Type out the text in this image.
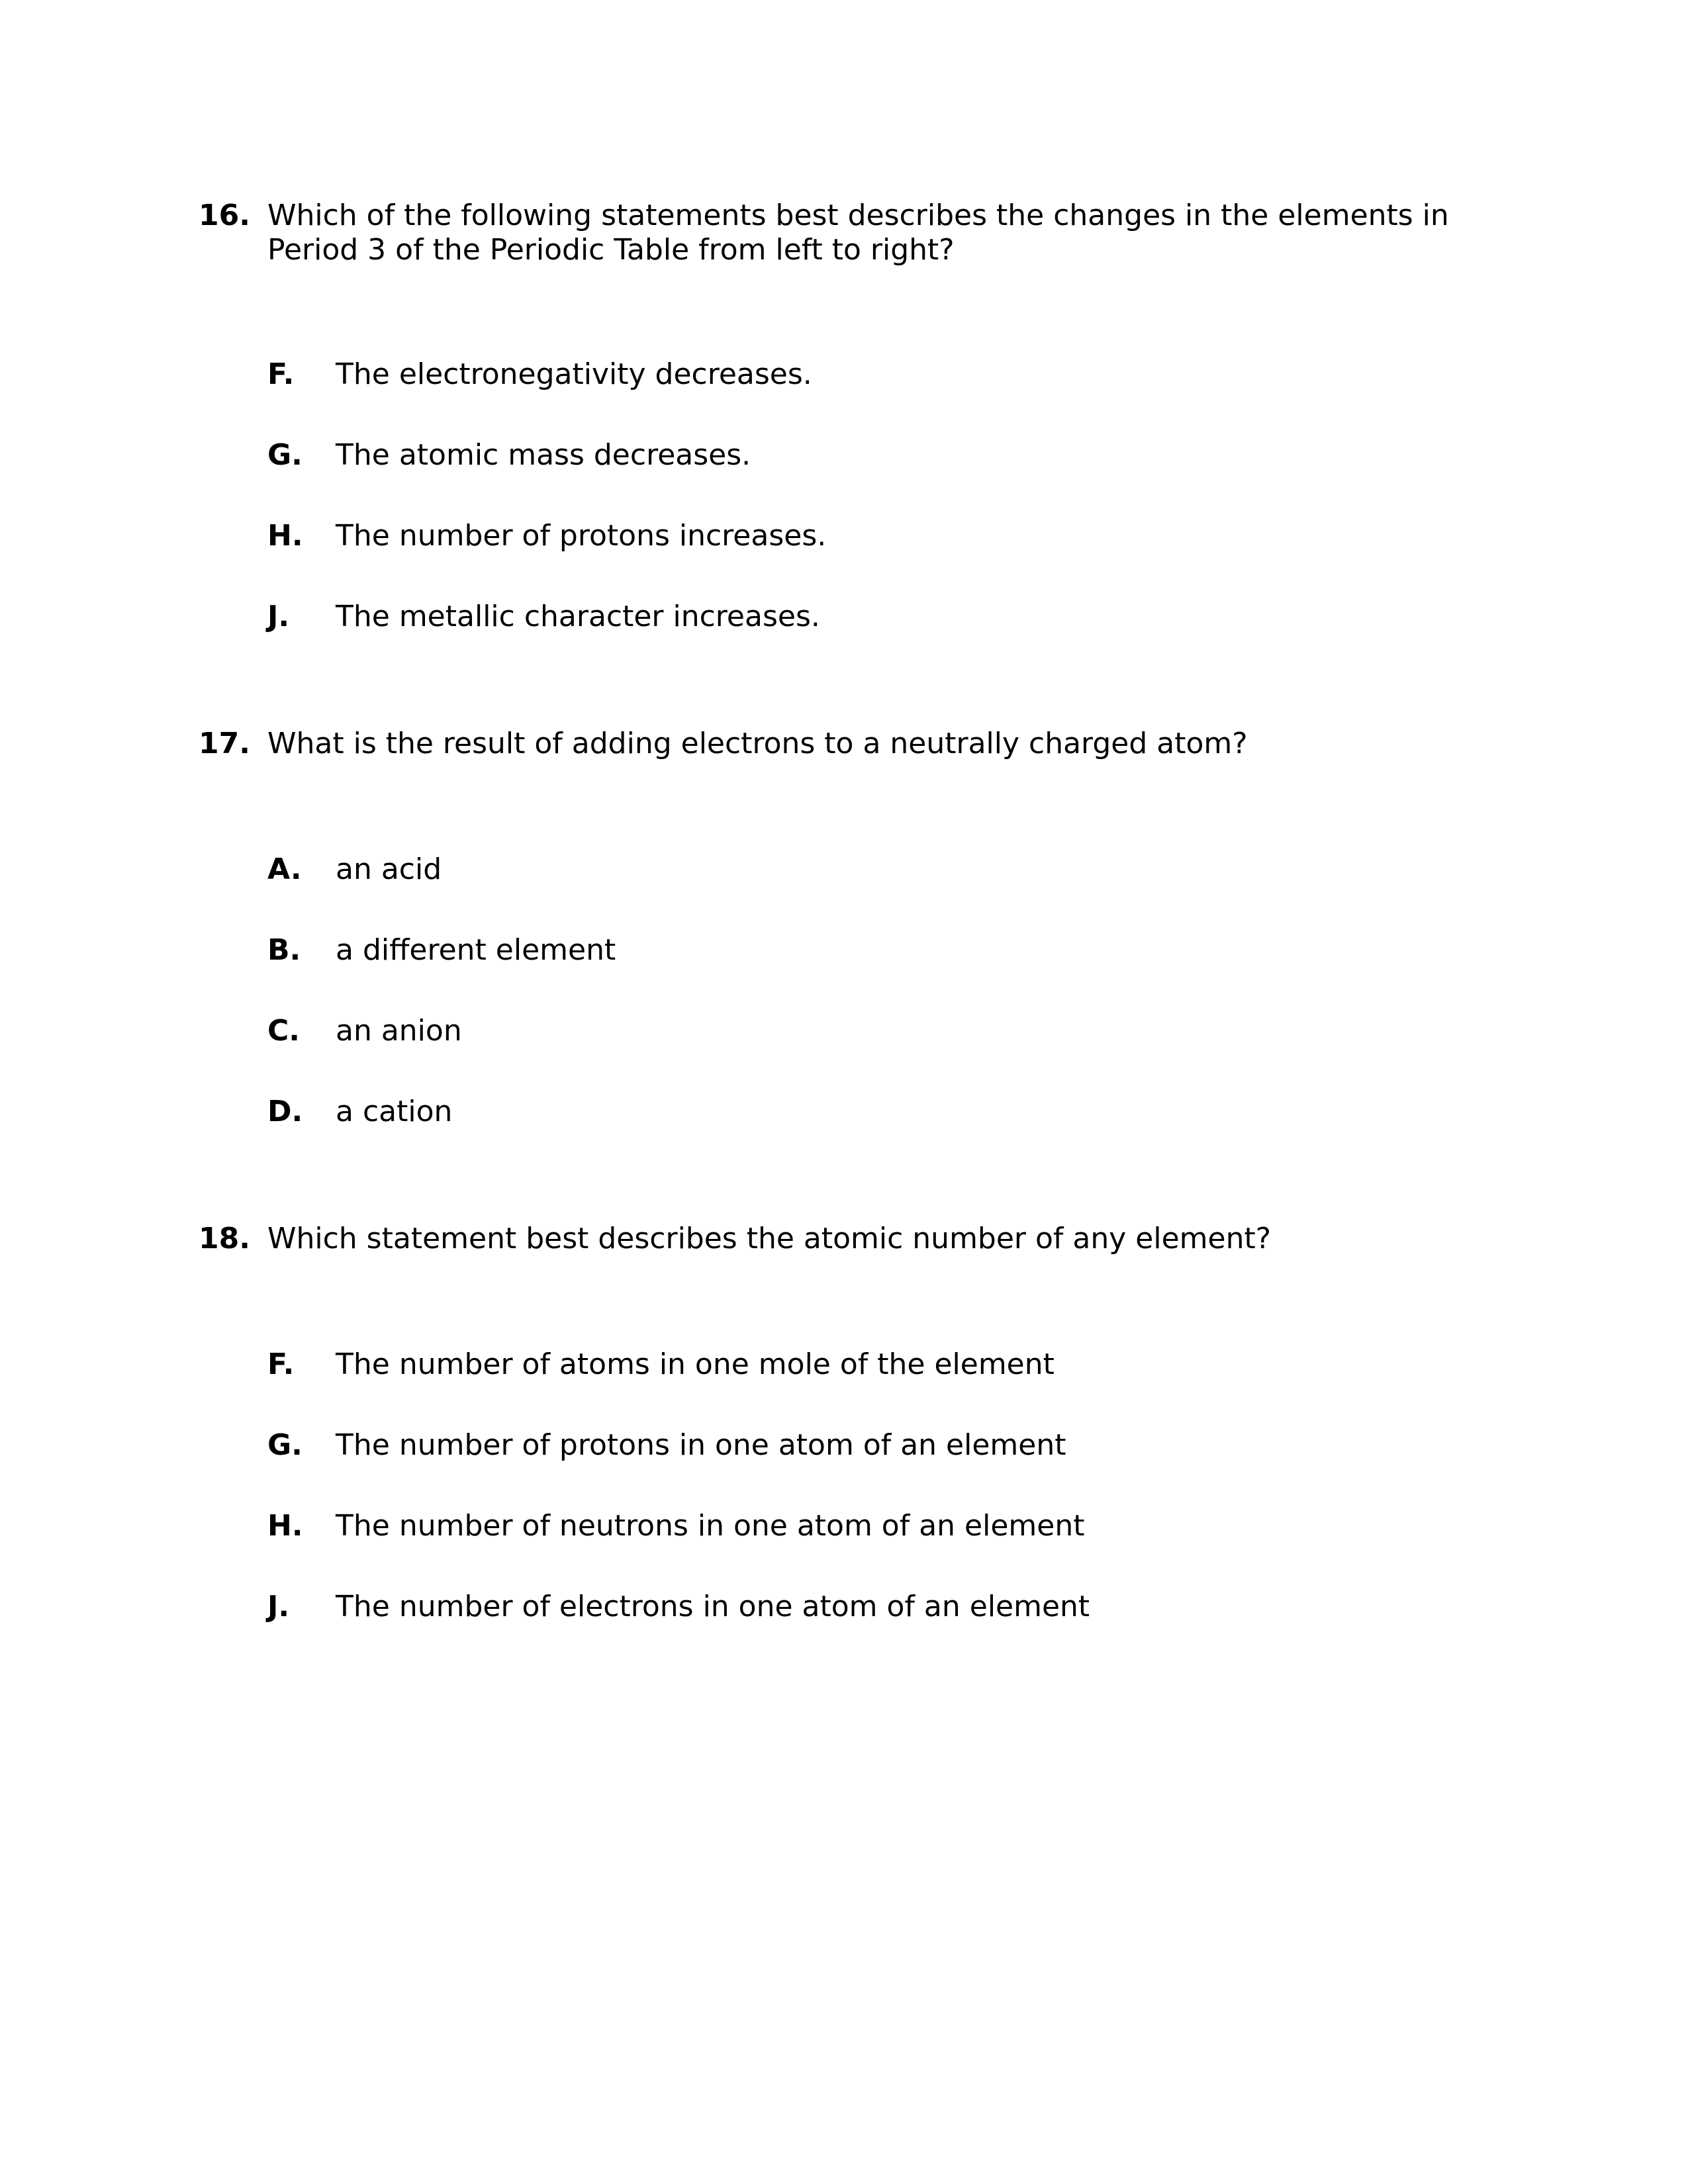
16. Which of the following statements best describes the changes in the elements in Period 3 of the Periodic Table from left to right?
F. The electronegativity decreases.
G. The atomic mass decreases.
H. The number of protons increases.
J. The metallic character increases.
17. What is the result of adding electrons to a neutrally charged atom?
A. an acid
B. a different element
C. an anion
D. a cation
18. Which statement best describes the atomic number of any element?
F. The number of atoms in one mole of the element
G. The number of protons in one atom of an element
H. The number of neutrons in one atom of an element
J. The number of electrons in one atom of an element
